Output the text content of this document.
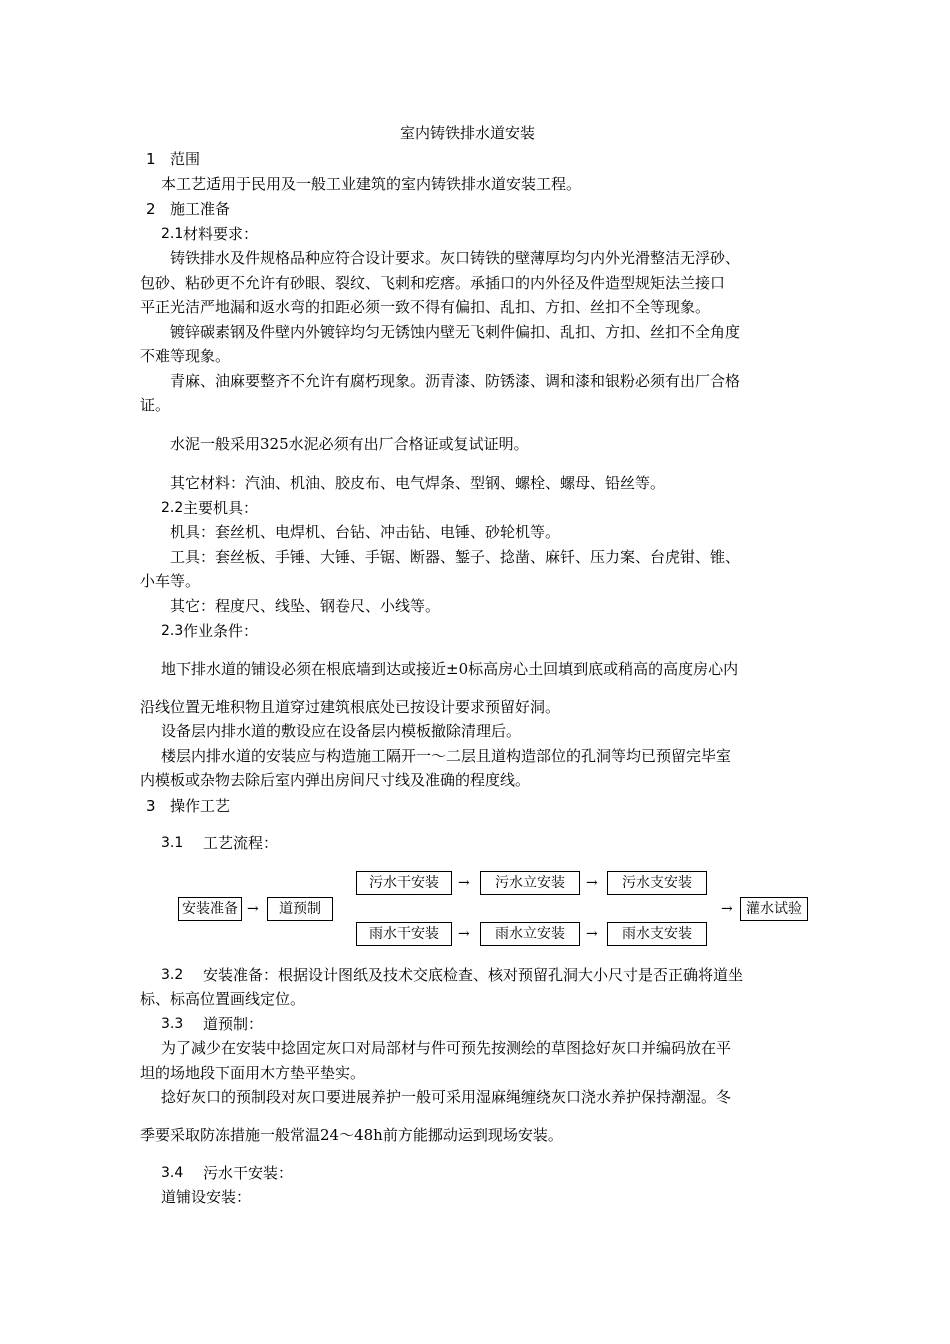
室内铸铁排水道安装
1 范围
本工艺适用于民用及一般工业建筑的室内铸铁排水道安装工程。
2 施工准备
2.1 材料要求：
铸铁排水及件规格品种应符合设计要求。灰口铸铁的壁薄厚均匀内外光滑整洁无浮砂、
包砂、粘砂更不允许有砂眼、裂纹、飞刺和疙瘩。承插口的内外径及件造型规矩法兰接口
平正光洁严地漏和返水弯的扣距必须一致不得有偏扣、乱扣、方扣、丝扣不全等现象。
镀锌碳素钢及件壁内外镀锌均匀无锈蚀内壁无飞刺件偏扣、乱扣、方扣、丝扣不全角度
不难等现象。
青麻、油麻要整齐不允许有腐朽现象。沥青漆、防锈漆、调和漆和银粉必须有出厂合格
证。
水泥一般采用325水泥必须有出厂合格证或复试证明。
其它材料：汽油、机油、胶皮布、电气焊条、型钢、螺栓、螺母、铅丝等。
2.2 主要机具：
机具：套丝机、电焊机、台钻、冲击钻、电锤、砂轮机等。
工具：套丝板、手锤、大锤、手锯、断器、錾子、捻凿、麻钎、压力案、台虎钳、锥、
小车等。
其它：程度尺、线坠、钢卷尺、小线等。
2.3 作业条件：
地下排水道的铺设必须在根底墙到达或接近±0标高房心土回填到底或稍高的高度房心内
沿线位置无堆积物且道穿过建筑根底处已按设计要求预留好洞。
设备层内排水道的敷设应在设备层内模板撤除清理后。
楼层内排水道的安装应与构造施工隔开一～二层且道构造部位的孔洞等均已预留完毕室
内模板或杂物去除后室内弹出房间尺寸线及准确的程度线。
3 操作工艺
3.1 工艺流程：
安装准备 →	道预制
污水干安装	→	污水立安装	→	污水支安装
雨水干安装	→	雨水立安装	→	雨水支安装
→ 灌水试验
3.2 安装准备：根据设计图纸及技术交底检查、核对预留孔洞大小尺寸是否正确将道坐
标、标高位置画线定位。
3.3 道预制：
为了减少在安装中捻固定灰口对局部材与件可预先按测绘的草图捻好灰口并编码放在平
坦的场地段下面用木方垫平垫实。
捻好灰口的预制段对灰口要进展养护一般可采用湿麻绳缠绕灰口浇水养护保持潮湿。冬
季要采取防冻措施一般常温24～48h前方能挪动运到现场安装。
3.4 污水干安装：
道铺设安装：
